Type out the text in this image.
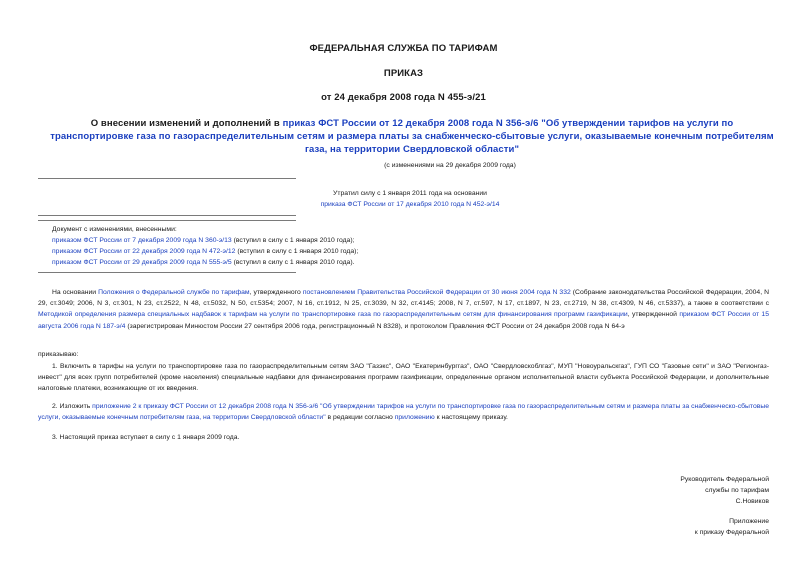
ФЕДЕРАЛЬНАЯ СЛУЖБА ПО ТАРИФАМ
ПРИКАЗ
от 24 декабря 2008 года N 455-э/21
О внесении изменений и дополнений в приказ ФСТ России от 12 декабря 2008 года N 356-э/6 "Об утверждении тарифов на услуги по транспортировке газа по газораспределительным сетям и размера платы за снабженческо-сбытовые услуги, оказываемые конечным потребителям газа, на территории Свердловской области"
(с изменениями на 29 декабря 2009 года)
Утратил силу с 1 января 2011 года на основании
приказа ФСТ России от 17 декабря 2010 года N 452-э/14
Документ с изменениями, внесенными:
приказом ФСТ России от 7 декабря 2009 года N 360-э/13 (вступил в силу с 1 января 2010 года);
приказом ФСТ России от 22 декабря 2009 года N 472-э/12 (вступил в силу с 1 января 2010 года);
приказом ФСТ России от 29 декабря 2009 года N 555-э/5 (вступил в силу с 1 января 2010 года).
На основании Положения о Федеральной службе по тарифам, утвержденного постановлением Правительства Российской Федерации от 30 июня 2004 года N 332 (Собрание законодательства Российской Федерации, 2004, N 29, ст.3049; 2006, N 3, ст.301, N 23, ст.2522, N 48, ст.5032, N 50, ст.5354; 2007, N 16, ст.1912, N 25, ст.3039, N 32, ст.4145; 2008, N 7, ст.597, N 17, ст.1897, N 23, ст.2719, N 38, ст.4309, N 46, ст.5337), а также в соответствии с Методикой определения размера специальных надбавок к тарифам на услуги по транспортировке газа по газораспределительным сетям для финансирования программ газификации, утвержденной приказом ФСТ России от 15 августа 2006 года N 187-э/4 (зарегистрирован Минюстом России 27 сентября 2006 года, регистрационный N 8328), и протоколом Правления ФСТ России от 24 декабря 2008 года N 64-э
приказываю:
1. Включить в тарифы на услуги по транспортировке газа по газораспределительным сетям ЗАО "Газэкс", ОАО "Екатеринбурггаз", ОАО "Свердловскоблгаз", МУП "Новоуральскгаз", ГУП СО "Газовые сети" и ЗАО "Регионгаз-инвест" для всех групп потребителей (кроме населения) специальные надбавки для финансирования программ газификации, определенные органом исполнительной власти субъекта Российской Федерации, и дополнительные налоговые платежи, возникающие от их введения.
2. Изложить приложение 2 к приказу ФСТ России от 12 декабря 2008 года N 356-э/6 "Об утверждении тарифов на услуги по транспортировке газа по газораспределительным сетям и размера платы за снабженческо-сбытовые услуги, оказываемые конечным потребителям газа, на территории Свердловской области" в редакции согласно приложению к настоящему приказу.
3. Настоящий приказ вступает в силу с 1 января 2009 года.
Руководитель Федеральной
службы по тарифам
С.Новиков
Приложение
к приказу Федеральной
